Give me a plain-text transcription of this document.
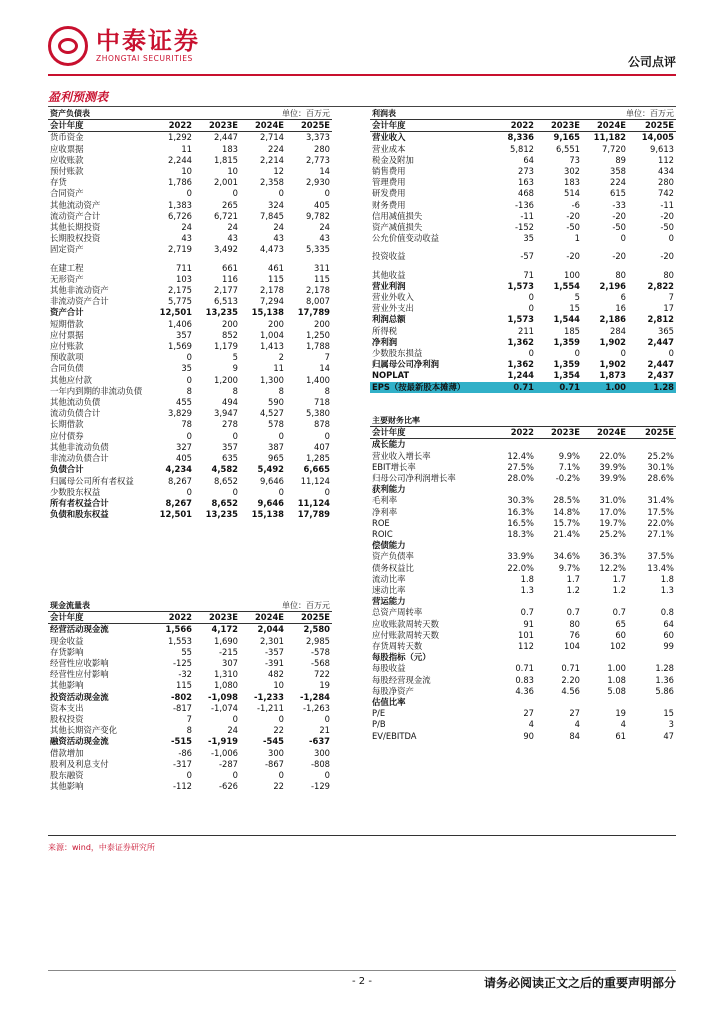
中泰证券
ZHONGTAI SECURITIES	公司点评
盈利预测表
资产负债表		单位：百万元		
会计年度	2022	2023E	2024E	2025E
货币资金	1,292	2,447	2,714	3,373
应收票据	11	183	224	280
应收账款	2,244	1,815	2,214	2,773
预付账款	10	10	12	14
存货	1,786	2,001	2,358	2,930
合同资产	0	0	0	0
其他流动资产	1,383	265	324	405
流动资产合计	6,726	6,721	7,845	9,782
其他长期投资	24	24	24	24
长期股权投资	43	43	43	43
固定资产	2,719	3,492	4,473	5,335

在建工程	711	661	461	311
无形资产	103	116	115	115
其他非流动资产	2,175	2,177	2,178	2,178
非流动资产合计	5,775	6,513	7,294	8,007
资产合计	12,501	13,235	15,138	17,789
短期借款	1,406	200	200	200
应付票据	357	852	1,004	1,250
应付账款	1,569	1,179	1,413	1,788
预收款项	0	5	2	7
合同负债	35	9	11	14
其他应付款	0	1,200	1,300	1,400
一年内到期的非流动负债	8	8	8	8
其他流动负债	455	494	590	718
流动负债合计	3,829	3,947	4,527	5,380
长期借款	78	278	578	878
应付债券	0	0	0	0
其他非流动负债	327	357	387	407
非流动负债合计	405	635	965	1,285
负债合计	4,234	4,582	5,492	6,665
归属母公司所有者权益	8,267	8,652	9,646	11,124
少数股东权益	0	0	0	0
所有者权益合计	8,267	8,652	9,646	11,124
负债和股东权益	12,501	13,235	15,138	17,789
利润表		单位：百万元		
会计年度	2022	2023E	2024E	2025E
营业收入	8,336	9,165	11,182	14,005
营业成本	5,812	6,551	7,720	9,613
税金及附加	64	73	89	112
销售费用	273	302	358	434
管理费用	163	183	224	280
研发费用	468	514	615	742
财务费用	-136	-6	-33	-11
信用减值损失	-11	-20	-20	-20
资产减值损失	-152	-50	-50	-50
公允价值变动收益	35	1	0	0

投资收益	-57	-20	-20	-20

其他收益	71	100	80	80
营业利润	1,573	1,554	2,196	2,822
营业外收入	0	5	6	7
营业外支出	0	15	16	17
利润总额	1,573	1,544	2,186	2,812
所得税	211	185	284	365
净利润	1,362	1,359	1,902	2,447
少数股东损益	0	0	0	0
归属母公司净利润	1,362	1,359	1,902	2,447
NOPLAT	1,244	1,354	1,873	2,437
EPS（按最新股本摊薄）	0.71	0.71	1.00	1.28
主要财务比率				
会计年度	2022	2023E	2024E	2025E
成长能力				
营业收入增长率	12.4%	9.9%	22.0%	25.2%
EBIT增长率	27.5%	7.1%	39.9%	30.1%
归母公司净利润增长率	28.0%	-0.2%	39.9%	28.6%
获利能力				
毛利率	30.3%	28.5%	31.0%	31.4%
净利率	16.3%	14.8%	17.0%	17.5%
ROE	16.5%	15.7%	19.7%	22.0%
ROIC	18.3%	21.4%	25.2%	27.1%
偿债能力				
资产负债率	33.9%	34.6%	36.3%	37.5%
债务权益比	22.0%	9.7%	12.2%	13.4%
流动比率	1.8	1.7	1.7	1.8
速动比率	1.3	1.2	1.2	1.3
营运能力				
总资产周转率	0.7	0.7	0.7	0.8
应收账款周转天数	91	80	65	64
应付账款周转天数	101	76	60	60
存货周转天数	112	104	102	99
每股指标（元）				
每股收益	0.71	0.71	1.00	1.28
每股经营现金流	0.83	2.20	1.08	1.36
每股净资产	4.36	4.56	5.08	5.86
估值比率				
P/E	27	27	19	15
P/B	4	4	4	3
EV/EBITDA	90	84	61	47
现金流量表		单位：百万元		
会计年度	2022	2023E	2024E	2025E
经营活动现金流	1,566	4,172	2,044	2,580
现金收益	1,553	1,690	2,301	2,985
存货影响	55	-215	-357	-578
经营性应收影响	-125	307	-391	-568
经营性应付影响	-32	1,310	482	722
其他影响	115	1,080	10	19
投资活动现金流	-802	-1,098	-1,233	-1,284
资本支出	-817	-1,074	-1,211	-1,263
股权投资	7	0	0	0
其他长期资产变化	8	24	22	21
融资活动现金流	-515	-1,919	-545	-637
借款增加	-86	-1,006	300	300
股利及利息支付	-317	-287	-867	-808
股东融资	0	0	0	0
其他影响	-112	-626	22	-129
来源：wind，中泰证券研究所
- 2 -	请务必阅读正文之后的重要声明部分
